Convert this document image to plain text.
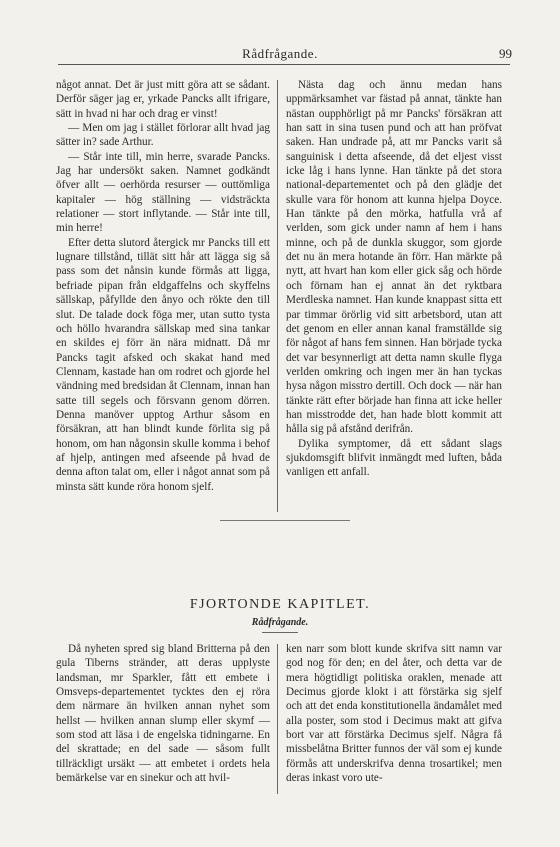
Rådfrågande.	99

något annat. Det är just mitt göra att se sådant. Derför säger jag er, yrkade Pancks allt ifrigare, sätt in hvad ni har och drag er vinst!

— Men om jag i stället förlorar allt hvad jag sätter in? sade Arthur.

— Står inte till, min herre, svarade Pancks. Jag har undersökt saken. Namnet godkändt öfver allt — oerhörda resurser — outtömliga kapitaler — hög ställning — vidsträckta relationer — stort inflytande. — Står inte till, min herre!

Efter detta slutord återgick mr Pancks till ett lugnare tillstånd, tillät sitt hår att lägga sig så pass som det nånsin kunde förmås att ligga, befriade pipan från eldgaffelns och skyffelns sällskap, påfyllde den ånyo och rökte den till slut. De talade dock föga mer, utan sutto tysta och höllo hvarandra sällskap med sina tankar en skildes ej förr än nära midnatt. Då mr Pancks tagit afsked och skakat hand med Clennam, kastade han om rodret och gjorde hel vändning med bredsidan åt Clennam, innan han satte till segels och försvann genom dörren. Denna manöver upptog Arthur såsom en försäkran, att han blindt kunde förlita sig på honom, om han någonsin skulle komma i behof af hjelp, antingen med afseende på hvad de denna afton talat om, eller i något annat som på minsta sätt kunde röra honom sjelf.

Nästa dag och ännu medan hans uppmärksamhet var fästad på annat, tänkte han nästan oupphörligt på mr Pancks' försäkran att han satt in sina tusen pund och att han pröfvat saken. Han undrade på, att mr Pancks varit så sanguinisk i detta afseende, då det eljest visst icke låg i hans lynne. Han tänkte på det stora national-departementet och på den glädje det skulle vara för honom att kunna hjelpa Doyce. Han tänkte på den mörka, hatfulla vrå af verlden, som gick under namn af hem i hans minne, och på de dunkla skuggor, som gjorde det nu än mera hotande än förr. Han märkte på nytt, att hvart han kom eller gick såg och hörde och förnam han ej annat än det ryktbara Merdleska namnet. Han kunde knappast sitta ett par timmar örörlig vid sitt arbetsbord, utan att det genom en eller annan kanal framställde sig för något af hans fem sinnen. Han började tycka det var besynnerligt att detta namn skulle flyga verlden omkring och ingen mer än han tyckas hysa någon misstro dertill. Och dock — när han tänkte rätt efter började han finna att icke heller han misstrodde det, han hade blott kommit att hålla sig på afstånd derifrån.

Dylika symptomer, då ett sådant slags sjukdomsgift blifvit inmängdt med luften, båda vanligen ett anfall.

FJORTONDE KAPITLET.
Rådfrågande.

Då nyheten spred sig bland Britterna på den gula Tiberns stränder, att deras upplyste landsman, mr Sparkler, fått ett embete i Omsveps-departementet tycktes den ej röra dem närmare än hvilken annan nyhet som hellst — hvilken annan slump eller skymf — som stod att läsa i de engelska tidningarne. En del skrattade; en del sade — såsom fullt tillräckligt ursäkt — att embetet i ordets hela bemärkelse var en sinekur och att hvil-

ken narr som blott kunde skrifva sitt namn var god nog för den; en del åter, och detta var de mera högtidligt politiska oraklen, menade att Decimus gjorde klokt i att förstärka sig sjelf och att det enda konstitutionella ändamålet med alla poster, som stod i Decimus makt att gifva bort var att förstärka Decimus sjelf. Några få missbelåtna Britter funnos der väl som ej kunde förmås att underskrifva denna trosartikel; men deras inkast voro ute-
